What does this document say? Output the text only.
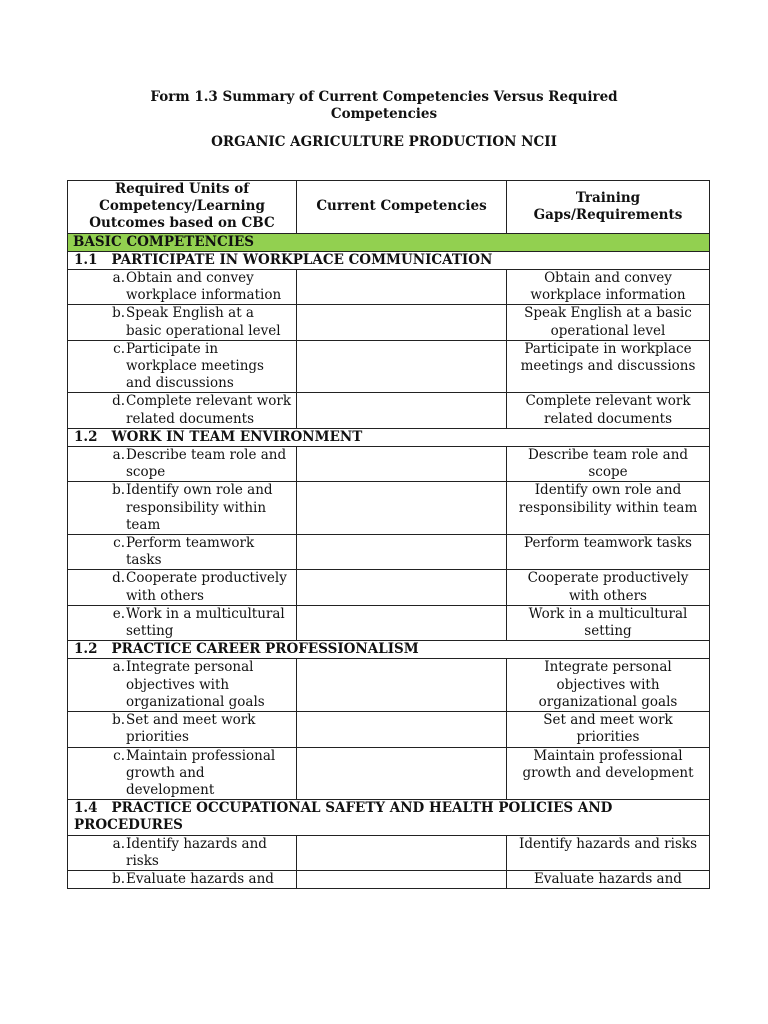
Form 1.3 Summary of Current Competencies Versus Required Competencies
ORGANIC AGRICULTURE PRODUCTION NCII
Required Units of Competency/Learning Outcomes based on CBC	Current Competencies	Training Gaps/Requirements
BASIC COMPETENCIES		
1.1 PARTICIPATE IN WORKPLACE COMMUNICATION		

a. Obtain and convey workplace information		Obtain and convey workplace information

b. Speak English at a basic operational level		Speak English at a basic operational level

c. Participate in workplace meetings and discussions		Participate in workplace meetings and discussions

d. Complete relevant work related documents		Complete relevant work related documents
1.2 WORK IN TEAM ENVIRONMENT		

a. Describe team role and scope		Describe team role and scope

b. Identify own role and responsibility within team		Identify own role and responsibility within team

c. Perform teamwork tasks		Perform teamwork tasks

d. Cooperate productively with others		Cooperate productively with others

e. Work in a multicultural setting		Work in a multicultural setting
1.2 PRACTICE CAREER PROFESSIONALISM		

a. Integrate personal objectives with organizational goals		Integrate personal objectives with organizational goals

b. Set and meet work priorities		Set and meet work priorities

c. Maintain professional growth and development		Maintain professional growth and development
1.4 PRACTICE OCCUPATIONAL SAFETY AND HEALTH POLICIES AND PROCEDURES		

a. Identify hazards and risks		Identify hazards and risks

b. Evaluate hazards and		Evaluate hazards and
